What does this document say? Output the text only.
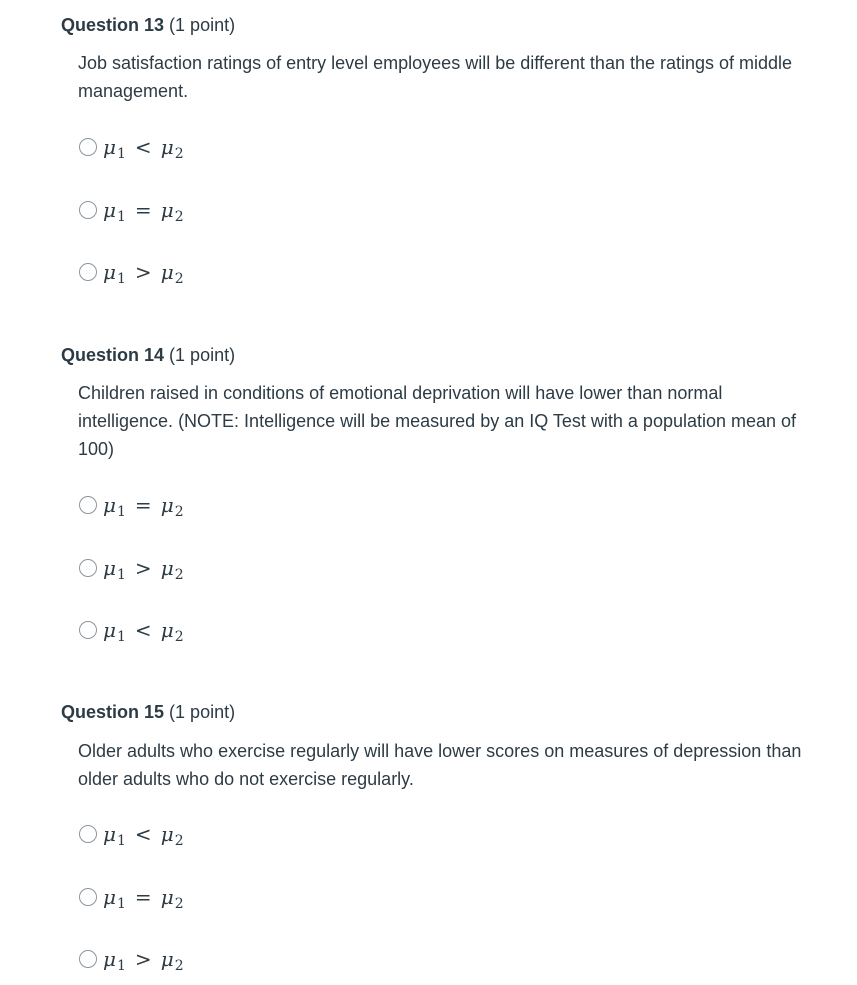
Question 13 (1 point)
Job satisfaction ratings of entry level employees will be different than the ratings of middle management.
μ 1 < μ 2
μ 1 = μ 2
μ 1 > μ 2
Question 14 (1 point)
Children raised in conditions of emotional deprivation will have lower than normal intelligence. (NOTE: Intelligence will be measured by an IQ Test with a population mean of 100)
μ 1 = μ 2
μ 1 > μ 2
μ 1 < μ 2
Question 15 (1 point)
Older adults who exercise regularly will have lower scores on measures of depression than older adults who do not exercise regularly.
μ 1 < μ 2
μ 1 = μ 2
μ 1 > μ 2
